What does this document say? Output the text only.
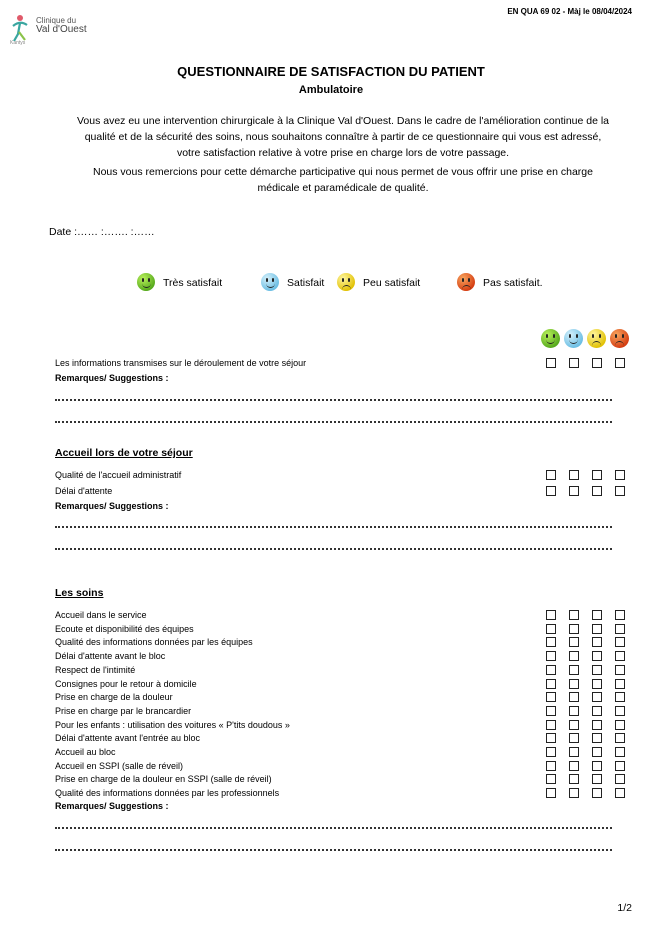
EN QUA 69 02 - Màj le 08/04/2024
Clinique du
Val d'Ouest
Kantys
QUESTIONNAIRE DE SATISFACTION DU PATIENT
Ambulatoire
Vous avez eu une intervention chirurgicale à la Clinique Val d'Ouest. Dans le cadre de l'amélioration continue de la
qualité et de la sécurité des soins, nous souhaitons connaître à partir de ce questionnaire qui vous est adressé,
votre satisfaction relative à votre prise en charge lors de votre passage.
Nous vous remercions pour cette démarche participative qui nous permet de vous offrir une prise en charge
médicale et paramédicale de qualité.
Date :…… :……. :……
Très satisfait	Satisfait	Peu satisfait	Pas satisfait.
Les informations transmises sur le déroulement de votre séjour
Remarques/ Suggestions :
Accueil lors de votre séjour
Qualité de l'accueil administratif
Délai d'attente
Remarques/ Suggestions :
Les soins
Accueil dans le service
Ecoute et disponibilité des équipes
Qualité des informations données par les équipes
Délai d'attente avant le bloc
Respect de l'intimité
Consignes pour le retour à domicile
Prise en charge de la douleur
Prise en charge par le brancardier
Pour les enfants : utilisation des voitures « P'tits doudous »
Délai d'attente avant l'entrée au bloc
Accueil au bloc
Accueil en SSPI (salle de réveil)
Prise en charge de la douleur en SSPI (salle de réveil)
Qualité des informations données par les professionnels
Remarques/ Suggestions :
1/2
